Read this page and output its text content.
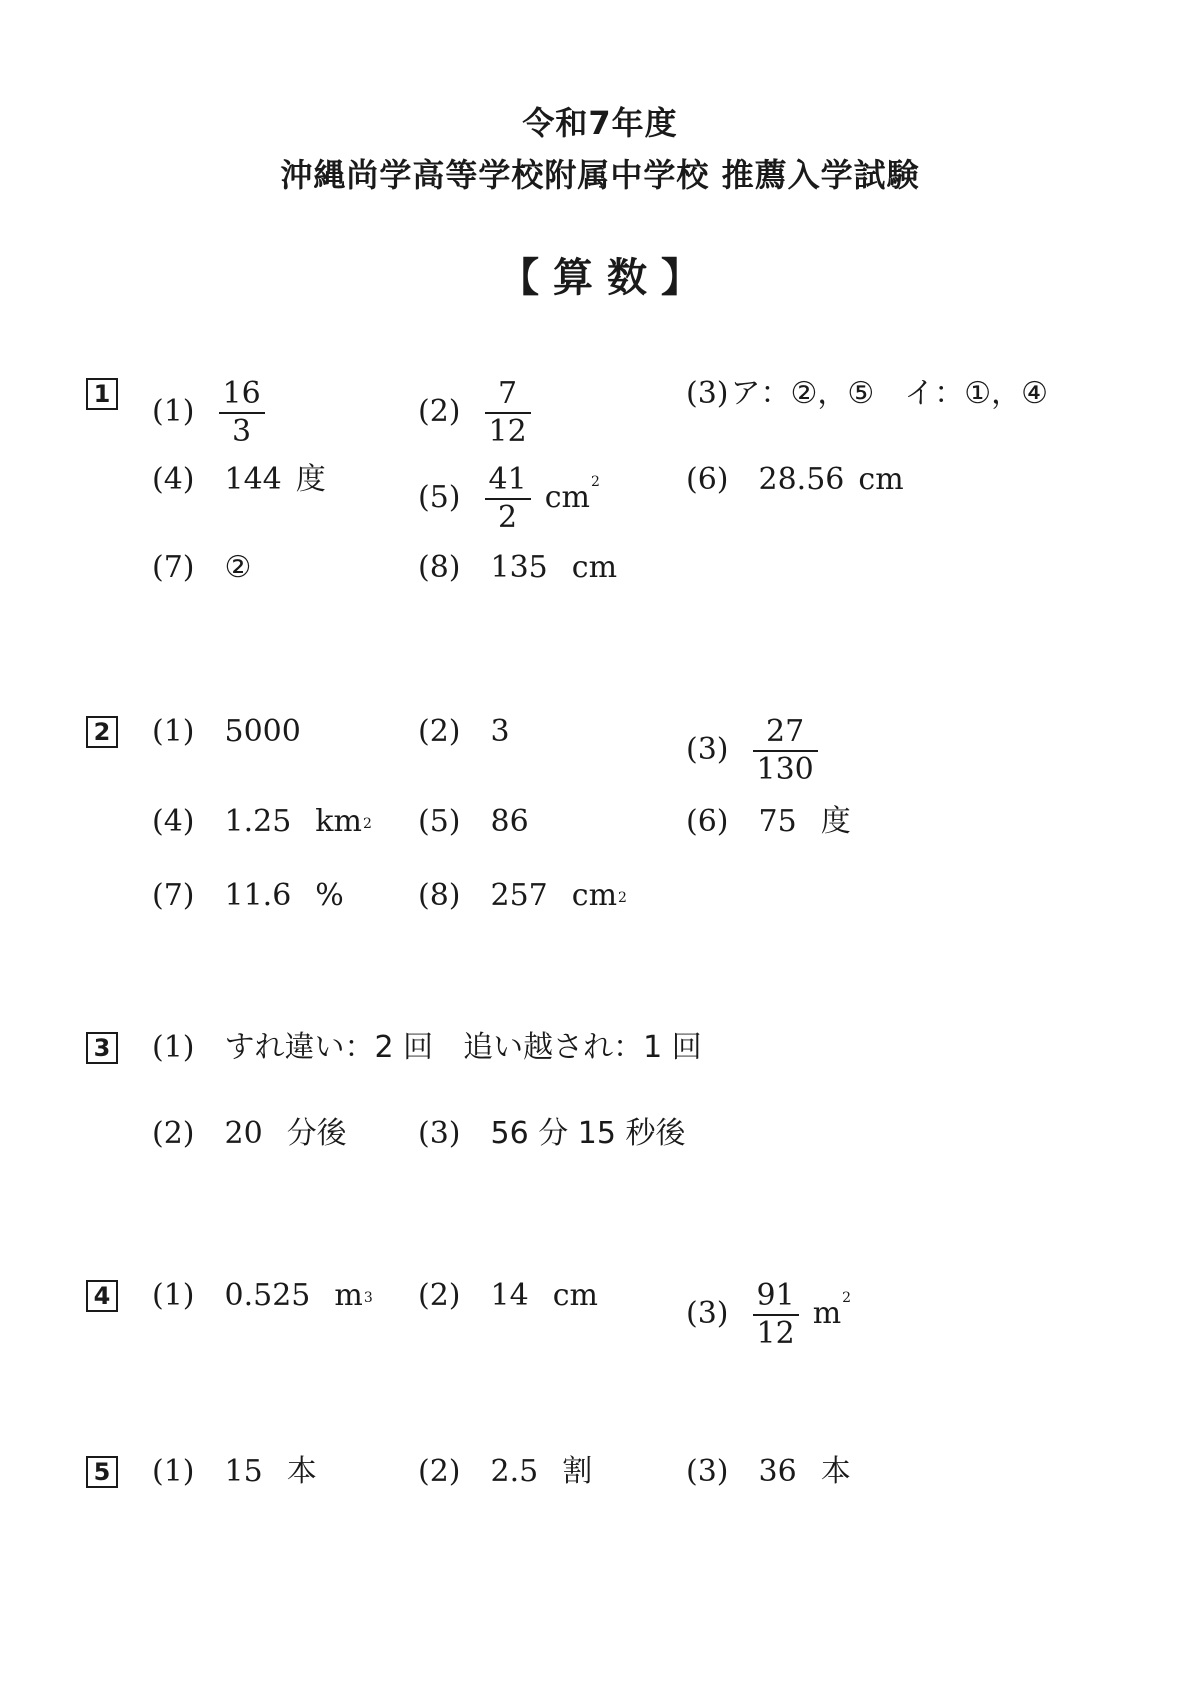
令和7年度
沖縄尚学高等学校附属中学校 推薦入学試験
【 算 数 】
1 $(1) \frac{16}{3}$	$(2) \frac{7}{12}$	(3)ア：②，⑤　イ：①，④
(4) 144 度
$(5) \frac{41}{2} cm^2$	(6) 28.56 cm
(7) ②	(8) 135 cm
2 (1) 5000	(2) 3
$(3) \frac{27}{130}$
(4) 1.25 $km^2$ (5) 86	(6) 75 度
(7) 11.6 % (8) 257 $cm^2$
3 (1) すれ違い：2 回　追い越され：1 回
(2) 20 分後 (3) 56 分 15 秒後
4 (1) 0.525 $m^3$ (2) 14 cm
$(3) \frac{91}{12} m^2$
5 (1) 15 本	(2) 2.5 割	(3) 36 本
